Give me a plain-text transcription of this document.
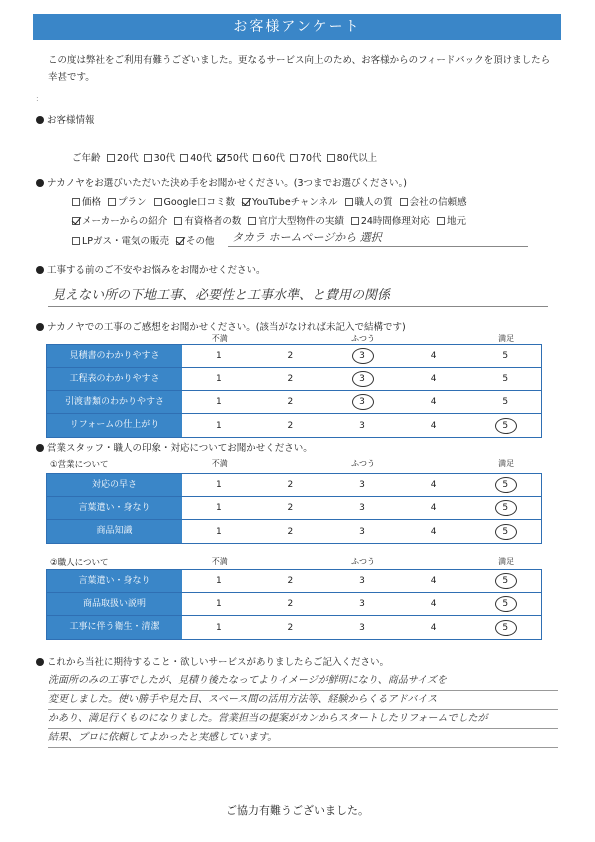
お客様アンケート
この度は弊社をご利用有難うございました。更なるサービス向上のため、お客様からのフィードバックを頂けましたら幸甚です。
:
お客様情報
ご年齢	20代	30代	40代	50代	60代	70代	80代以上
ナカノヤをお選びいただいた決め手をお聞かせください。(3つまでお選びください。)
価格	プラン	Google口コミ数	YouTubeチャンネル	職人の質	会社の信頼感
メーカーからの紹介	有資格者の数	官庁大型物件の実績	24時間修理対応	地元
LPガス・電気の販売	その他 タカラ ホームページから 選択
工事する前のご不安やお悩みをお聞かせください。
見えない所の下地工事、必要性と工事水準、と費用の関係
ナカノヤでの工事のご感想をお聞かせください。(該当がなければ未記入で結構です)
不満	ふつう	満足
見積書のわかりやすさ	1	2	3	4	5
工程表のわかりやすさ	1	2	3	4	5
引渡書類のわかりやすさ	1	2	3	4	5
リフォームの仕上がり	1	2	3	4	5
営業スタッフ・職人の印象・対応についてお聞かせください。
①営業について	不満	ふつう	満足
対応の早さ	1	2	3	4	5
言葉遣い・身なり	1	2	3	4	5
商品知識	1	2	3	4	5
②職人について	不満	ふつう	満足
言葉遣い・身なり	1	2	3	4	5
商品取扱い説明	1	2	3	4	5
工事に伴う衛生・清潔	1	2	3	4	5
これから当社に期待すること・欲しいサービスがありましたらご記入ください。
洗面所のみの工事でしたが、見積り後たなってよりイメージが鮮明になり、商品サイズを
変更しました。使い勝手や見た目、スペース間の活用方法等、経験からくるアドバイス
かあり、満足行くものになりました。営業担当の提案がカンからスタートしたリフォームでしたが
結果、プロに依頼してよかったと実感しています。
ご協力有難うございました。
